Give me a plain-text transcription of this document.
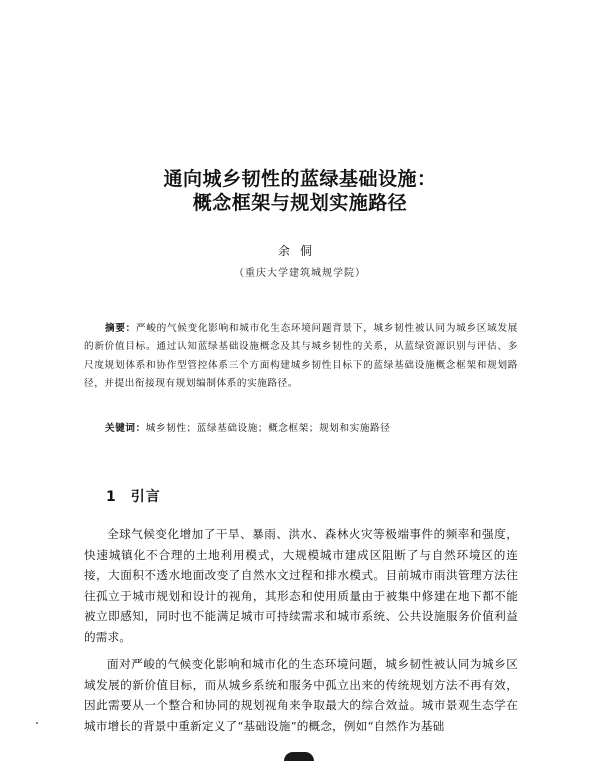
通向城乡韧性的蓝绿基础设施：
概念框架与规划实施路径
余侗
（重庆大学建筑城规学院）
摘要：严峻的气候变化影响和城市化生态环境问题背景下，城乡韧性被认同为城乡区域发展的新价值目标。通过认知蓝绿基础设施概念及其与城乡韧性的关系，从蓝绿资源识别与评估、多尺度规划体系和协作型管控体系三个方面构建城乡韧性目标下的蓝绿基础设施概念框架和规划路径，并提出衔接现有规划编制体系的实施路径。
关键词：城乡韧性；蓝绿基础设施；概念框架；规划和实施路径
1 引言
全球气候变化增加了干旱、暴雨、洪水、森林火灾等极端事件的频率和强度，快速城镇化不合理的土地利用模式，大规模城市建成区阻断了与自然环境区的连接，大面积不透水地面改变了自然水文过程和排水模式。目前城市雨洪管理方法往往孤立于城市规划和设计的视角，其形态和使用质量由于被集中修建在地下都不能被立即感知，同时也不能满足城市可持续需求和城市系统、公共设施服务价值利益的需求。
面对严峻的气候变化影响和城市化的生态环境问题，城乡韧性被认同为城乡区域发展的新价值目标，而从城乡系统和服务中孤立出来的传统规划方法不再有效，因此需要从一个整合和协同的规划视角来争取最大的综合效益。城市景观生态学在城市增长的背景中重新定义了“基础设施”的概念，例如“自然作为基础
